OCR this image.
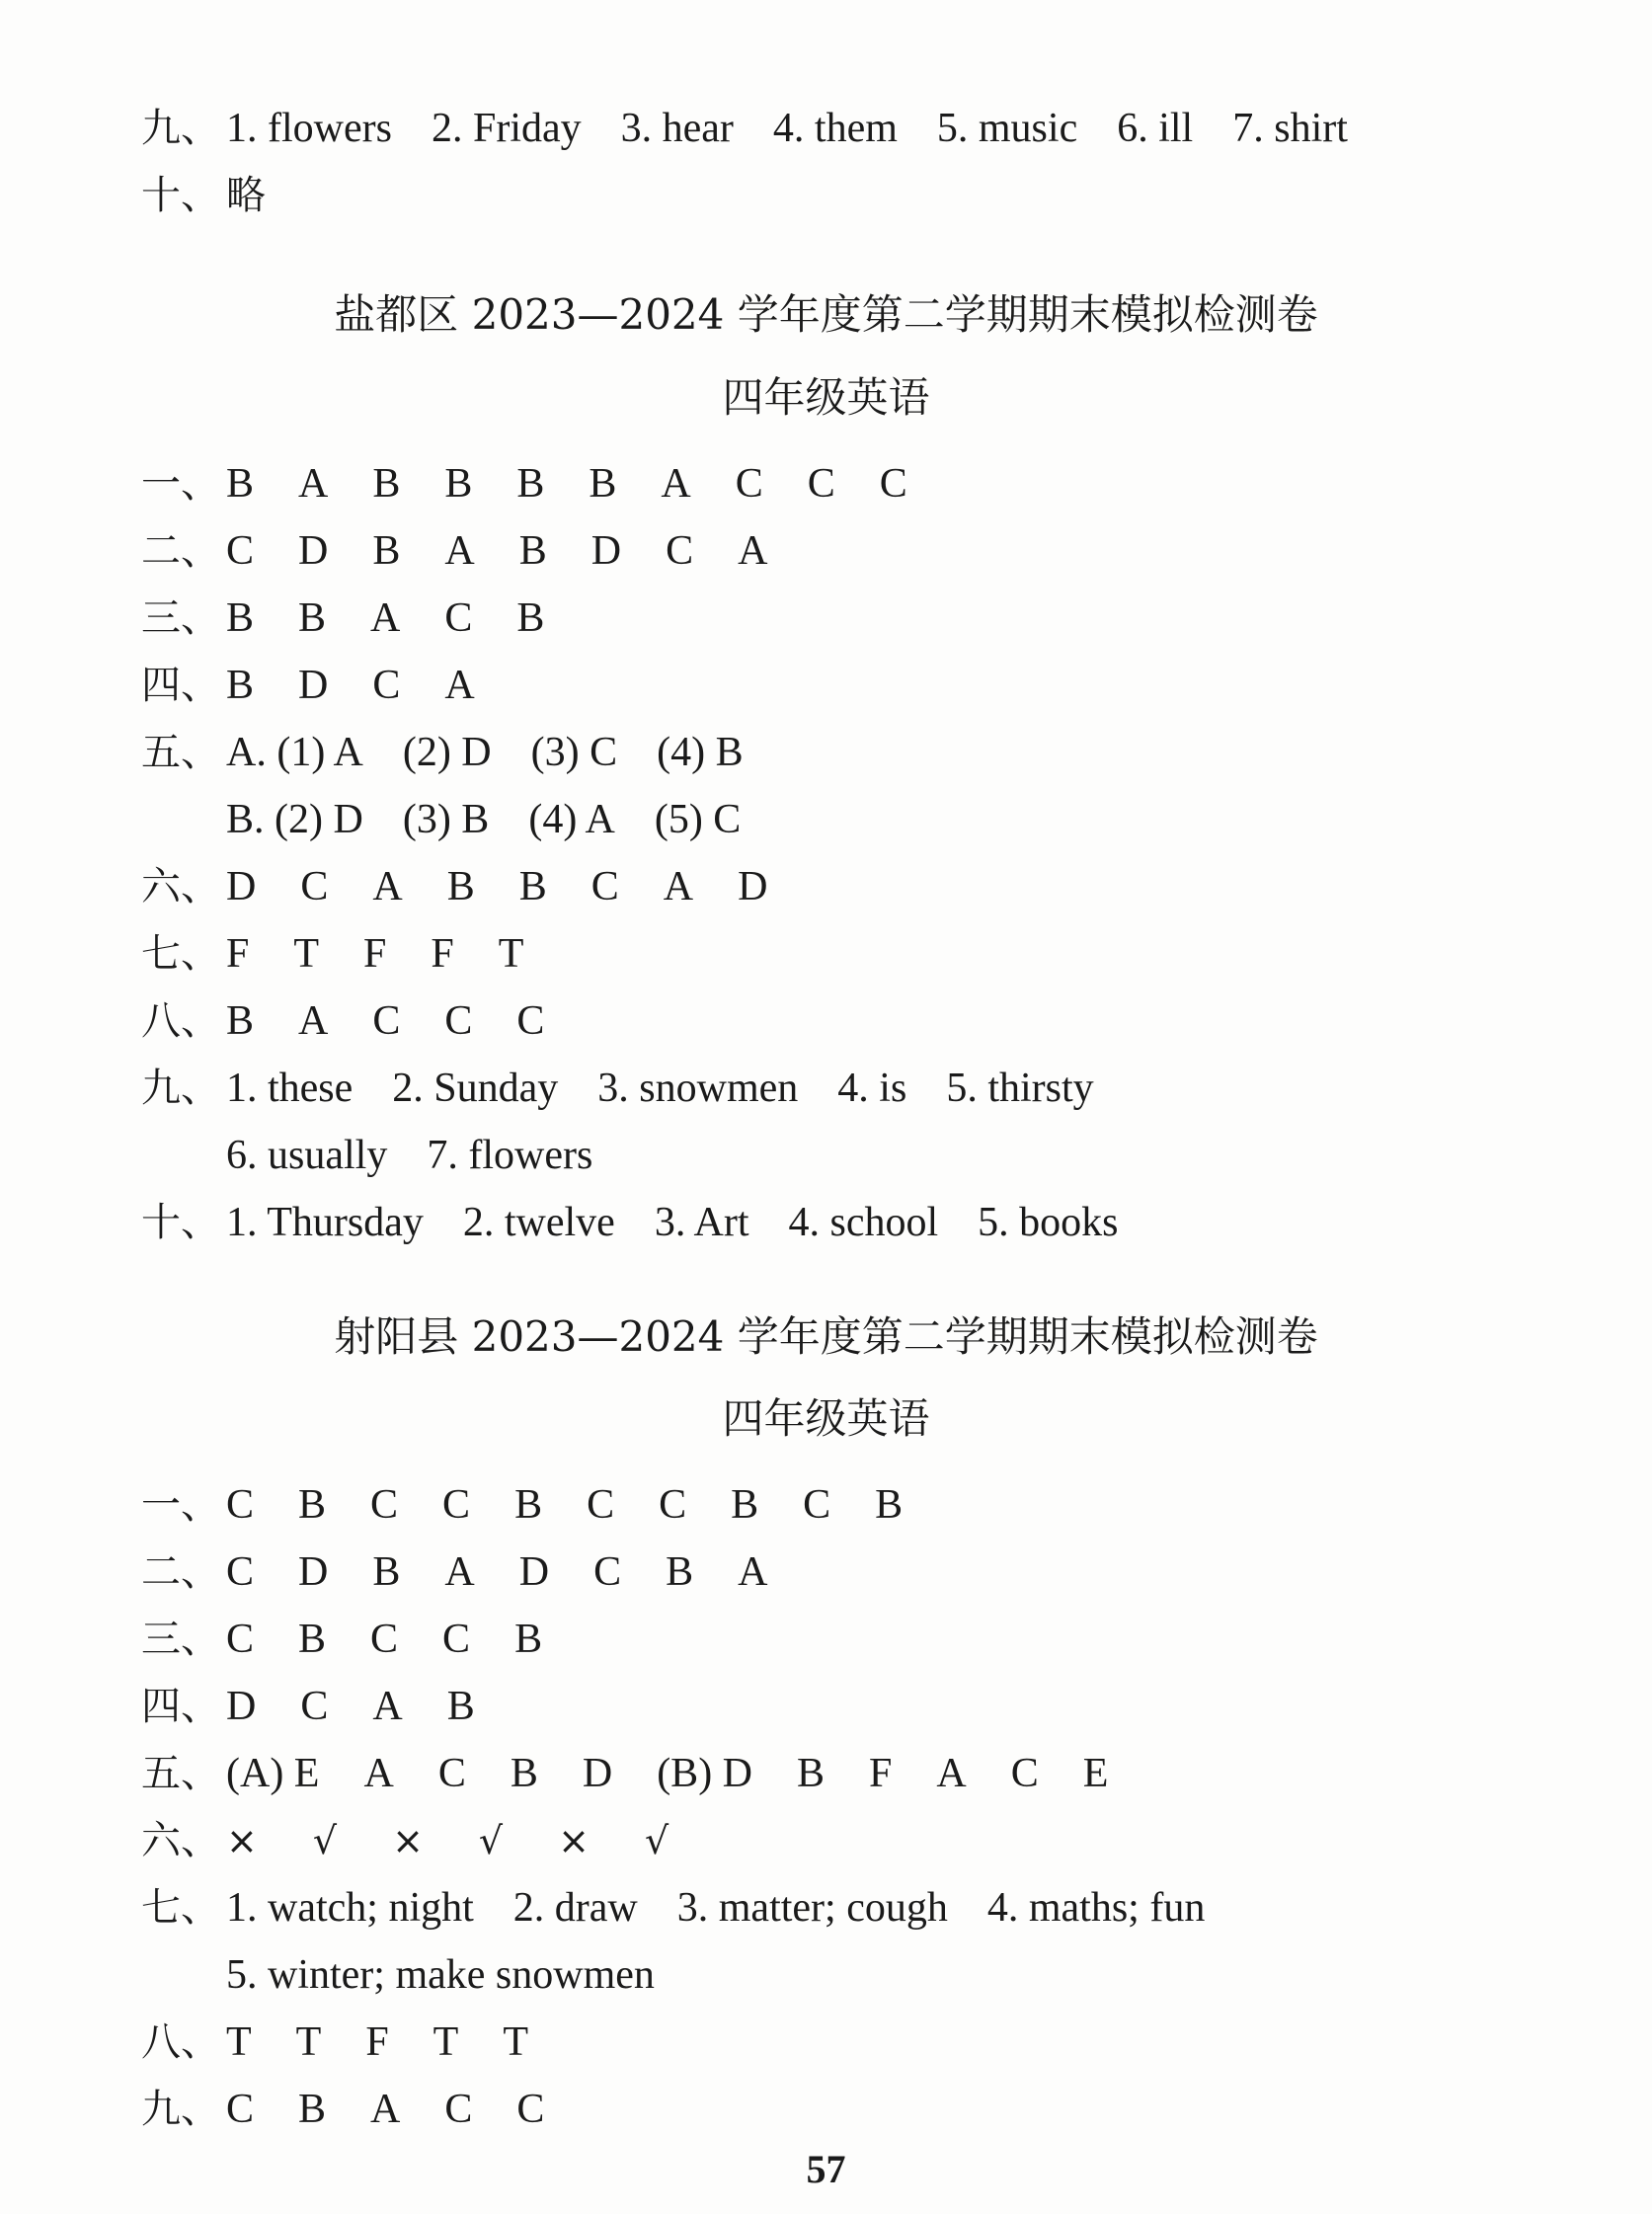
九、 1. flowers 2. Friday 3. hear 4. them 5. music 6. ill 7. shirt
十、 略
盐都区 2023—2024 学年度第二学期期末模拟检测卷
四年级英语
一、 B A B B B B A C C C
二、 C D B A B D C A
三、 B B A C B
四、 B D C A
五、 A. (1) A (2) D (3) C (4) B
B. (2) D (3) B (4) A (5) C
六、 D C A B B C A D
七、 F T F F T
八、 B A C C C
九、 1. these 2. Sunday 3. snowmen 4. is 5. thirsty
6. usually 7. flowers
十、 1. Thursday 2. twelve 3. Art 4. school 5. books
射阳县 2023—2024 学年度第二学期期末模拟检测卷
四年级英语
一、 C B C C B C C B C B
二、 C D B A D C B A
三、 C B C C B
四、 D C A B
五、 (A) E A C B D (B) D B F A C E
六、 × √ × √ × √
七、 1. watch; night 2. draw 3. matter; cough 4. maths; fun
5. winter; make snowmen
八、 T T F T T
九、 C B A C C
57
